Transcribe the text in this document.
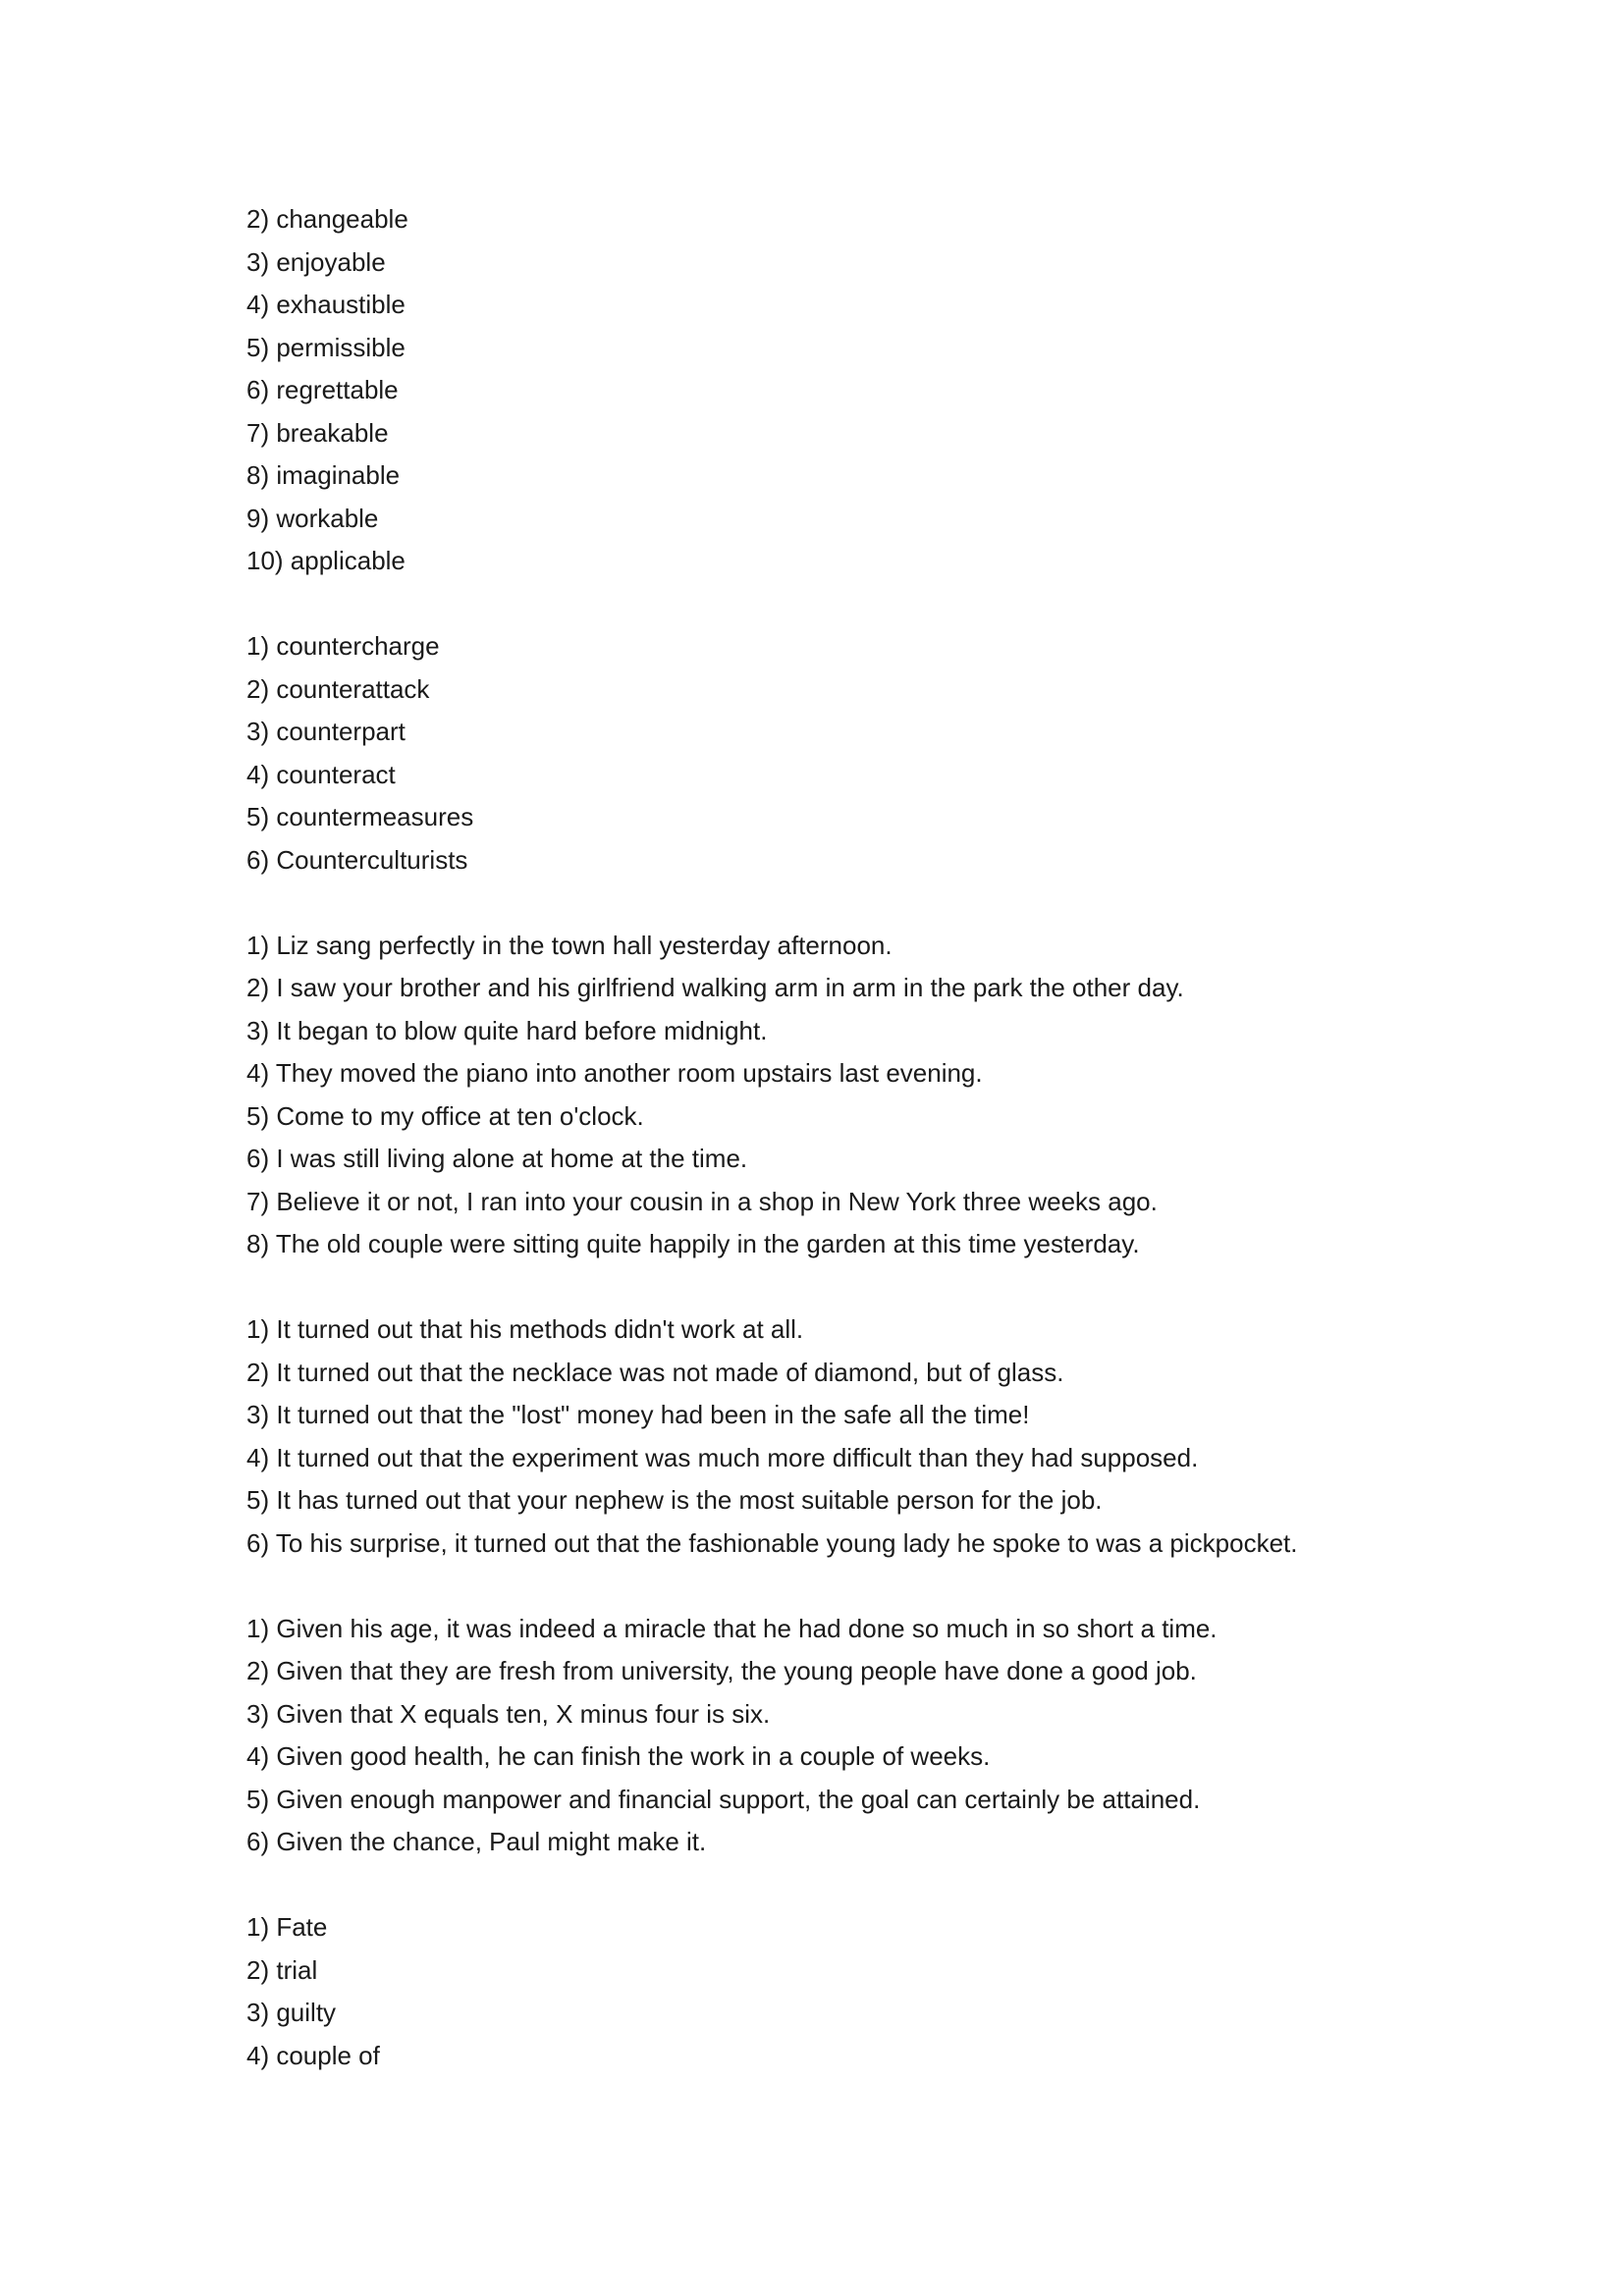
2) changeable
3) enjoyable
4) exhaustible
5) permissible
6) regrettable
7) breakable
8) imaginable
9) workable
10) applicable
1) countercharge
2) counterattack
3) counterpart
4) counteract
5) countermeasures
6) Counterculturists
1) Liz sang perfectly in the town hall yesterday afternoon.
2) I saw your brother and his girlfriend walking arm in arm in the park the other day.
3) It began to blow quite hard before midnight.
4) They moved the piano into another room upstairs last evening.
5) Come to my office at ten o'clock.
6) I was still living alone at home at the time.
7) Believe it or not, I ran into your cousin in a shop in New York three weeks ago.
8) The old couple were sitting quite happily in the garden at this time yesterday.
1) It turned out that his methods didn't work at all.
2) It turned out that the necklace was not made of diamond, but of glass.
3) It turned out that the "lost" money had been in the safe all the time!
4) It turned out that the experiment was much more difficult than they had supposed.
5) It has turned out that your nephew is the most suitable person for the job.
6) To his surprise, it turned out that the fashionable young lady he spoke to was a pickpocket.
1) Given his age, it was indeed a miracle that he had done so much in so short a time.
2) Given that they are fresh from university, the young people have done a good job.
3) Given that X equals ten, X minus four is six.
4) Given good health, he can finish the work in a couple of weeks.
5) Given enough manpower and financial support, the goal can certainly be attained.
6) Given the chance, Paul might make it.
1) Fate
2) trial
3) guilty
4) couple of
